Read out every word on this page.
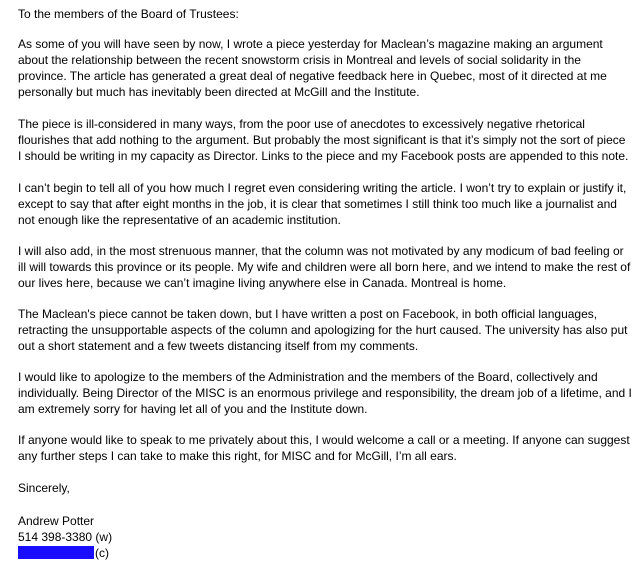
To the members of the Board of Trustees:
As some of you will have seen by now, I wrote a piece yesterday for Maclean’s magazine making an argument about the relationship between the recent snowstorm crisis in Montreal and levels of social solidarity in the province. The article has generated a great deal of negative feedback here in Quebec, most of it directed at me personally but much has inevitably been directed at McGill and the Institute.
The piece is ill-considered in many ways, from the poor use of anecdotes to excessively negative rhetorical flourishes that add nothing to the argument. But probably the most significant is that it’s simply not the sort of piece I should be writing in my capacity as Director. Links to the piece and my Facebook posts are appended to this note.
I can’t begin to tell all of you how much I regret even considering writing the article. I won’t try to explain or justify it, except to say that after eight months in the job, it is clear that sometimes I still think too much like a journalist and not enough like the representative of an academic institution.
I will also add, in the most strenuous manner, that the column was not motivated by any modicum of bad feeling or ill will towards this province or its people. My wife and children were all born here, and we intend to make the rest of our lives here, because we can’t imagine living anywhere else in Canada. Montreal is home.
The Maclean's piece cannot be taken down, but I have written a post on Facebook, in both official languages, retracting the unsupportable aspects of the column and apologizing for the hurt caused. The university has also put out a short statement and a few tweets distancing itself from my comments.
I would like to apologize to the members of the Administration and the members of the Board, collectively and individually. Being Director of the MISC is an enormous privilege and responsibility, the dream job of a lifetime, and I am extremely sorry for having let all of you and the Institute down.
If anyone would like to speak to me privately about this, I would welcome a call or a meeting. If anyone can suggest any further steps I can take to make this right, for MISC and for McGill, I’m all ears.
Sincerely,
Andrew Potter
514 398-3380 (w)
(c)
